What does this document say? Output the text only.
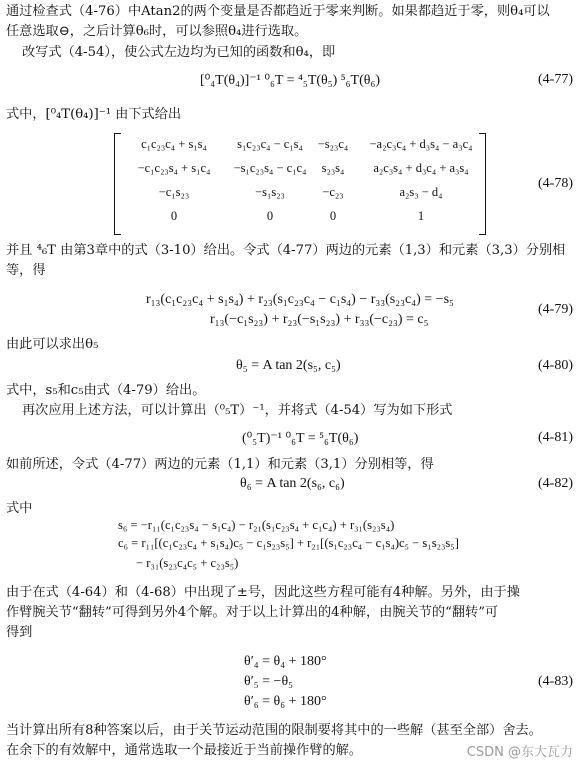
通过检查式（4-76）中Atan2的两个变量是否都趋近于零来判断。如果都趋近于零，则θ₄可以
任意选取⊖，之后计算θ₆时，可以参照θ₄进行选取。
改写式（4-54），使公式左边均为已知的函数和θ₄，即
[⁰₄T(θ₄)]⁻¹ ⁰₆T = ⁴₅T(θ₅) ⁵₆T(θ₆)	(4-77)
式中，[⁰₄T(θ₄)]⁻¹ 由下式给出
c₁c₂₃c₄ + s₁s₄	s₁c₂₃c₄ − c₁s₄	−s₂₃c₄	−a₂c₃c₄ + d₃s₄ − a₃c₄
−c₁c₂₃s₄ + s₁c₄	−s₁c₂₃s₄ − c₁c₄	s₂₃s₄	a₂c₃s₄ + d₃c₄ + a₃s₄
−c₁s₂₃	−s₁s₂₃	−c₂₃	a₂s₃ − d₄
0	0	0	1
(4-78)
并且 ⁴₆T 由第3章中的式（3-10）给出。令式（4-77）两边的元素（1,3）和元素（3,3）分别相
等，得
r₁₃(c₁c₂₃c₄ + s₁s₄) + r₂₃(s₁c₂₃c₄ − c₁s₄) − r₃₃(s₂₃c₄) = −s₅
r₁₃(−c₁s₂₃) + r₂₃(−s₁s₂₃) + r₃₃(−c₂₃) = c₅
(4-79)
由此可以求出θ₅
θ₅ = A tan 2(s₅, c₅)	(4-80)
式中，s₅和c₅由式（4-79）给出。
再次应用上述方法，可以计算出（⁰₅T）⁻¹，并将式（4-54）写为如下形式
(⁰₅T)⁻¹ ⁰₆T = ⁵₆T(θ₆)	(4-81)
如前所述，令式（4-77）两边的元素（1,1）和元素（3,1）分别相等，得
θ₆ = A tan 2(s₆, c₆)	(4-82)
式中
s₆ = −r₁₁(c₁c₂₃s₄ − s₁c₄) − r₂₁(s₁c₂₃s₄ + c₁c₄) + r₃₁(s₂₃s₄)
c₆ = r₁₁[(c₁c₂₃c₄ + s₁s₄)c₅ − c₁s₂₃s₅] + r₂₁[(s₁c₂₃c₄ − c₁s₄)c₅ − s₁s₂₃s₅]
− r₃₁(s₂₃c₄c₅ + c₂₃s₅)
由于在式（4-64）和（4-68）中出现了±号，因此这些方程可能有4种解。另外，由于操
作臂腕关节“翻转”可得到另外4个解。对于以上计算出的4种解，由腕关节的“翻转”可
得到
θ′₄ = θ₄ + 180°
θ′₅ = −θ₅
θ′₆ = θ₆ + 180°
(4-83)
当计算出所有8种答案以后，由于关节运动范围的限制要将其中的一些解（甚至全部）舍去。
在余下的有效解中，通常选取一个最接近于当前操作臂的解。	CSDN @东大瓦力
